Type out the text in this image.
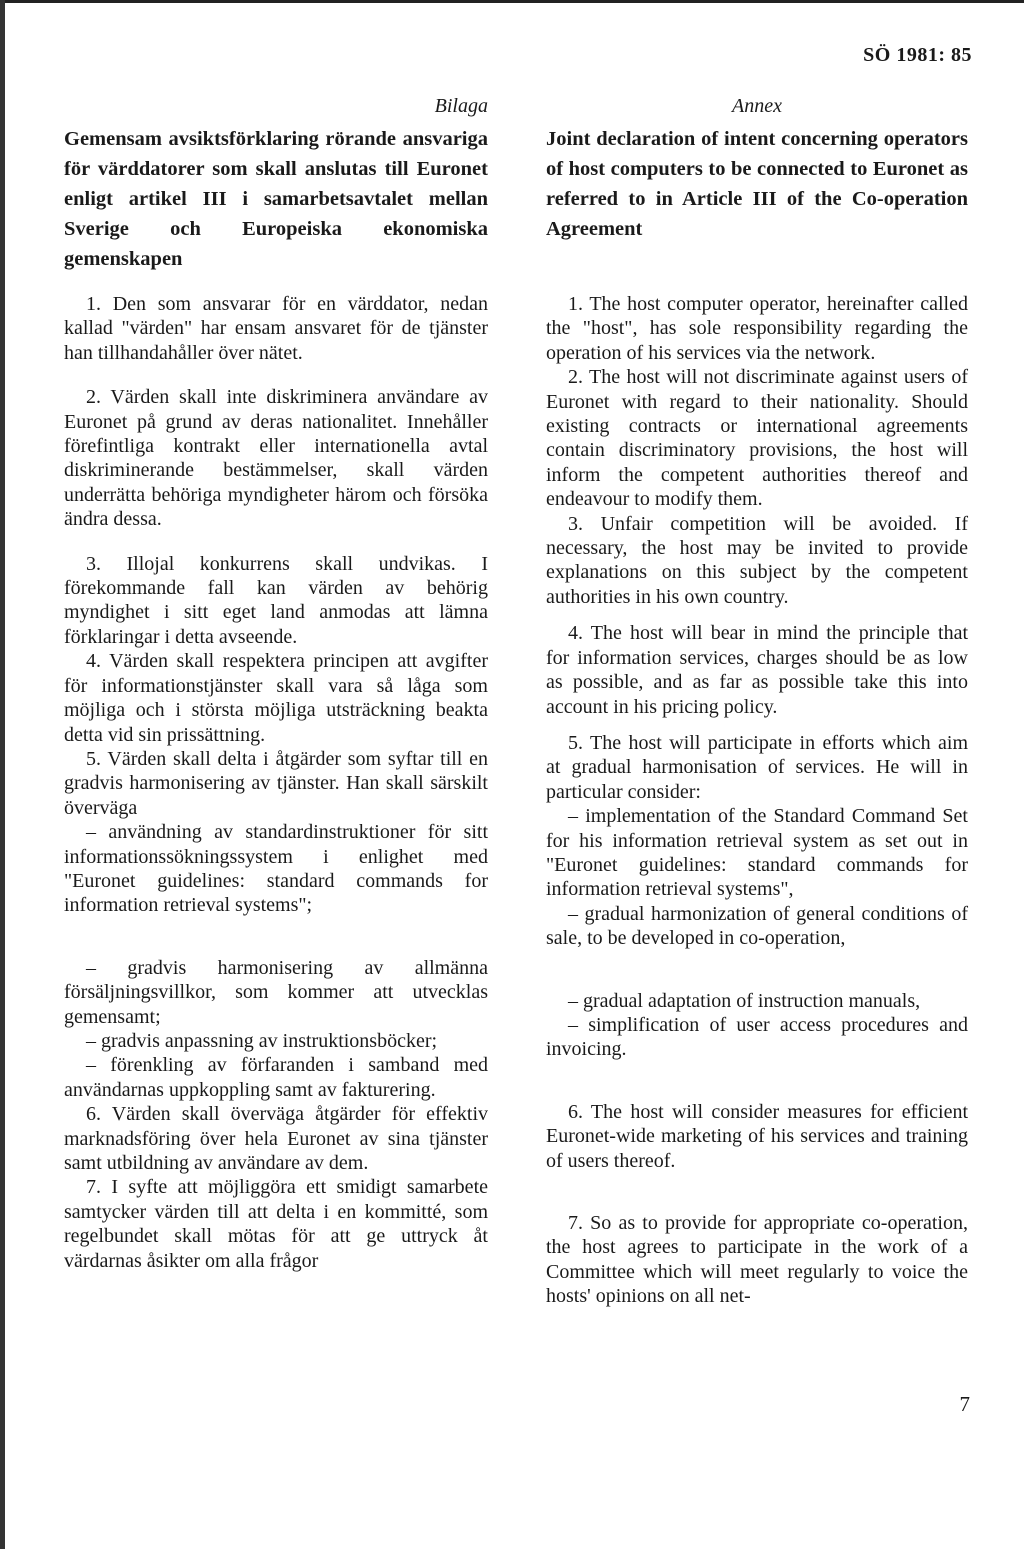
SÖ 1981: 85
Bilaga
Gemensam avsiktsförklaring rörande ansvariga för värddatorer som skall anslutas till Euronet enligt artikel III i samarbetsavtalet mellan Sverige och Europeiska ekonomiska gemenskapen

1. Den som ansvarar för en värddator, nedan kallad "värden" har ensam ansvaret för de tjänster han tillhandahåller över nätet.

2. Värden skall inte diskriminera användare av Euronet på grund av deras nationalitet. Innehåller förefintliga kontrakt eller internationella avtal diskriminerande bestämmelser, skall värden underrätta behöriga myndigheter härom och försöka ändra dessa.

3. Illojal konkurrens skall undvikas. I förekommande fall kan värden av behörig myndighet i sitt eget land anmodas att lämna förklaringar i detta avseende.

4. Värden skall respektera principen att avgifter för informationstjänster skall vara så låga som möjliga och i största möjliga utsträckning beakta detta vid sin prissättning.

5. Värden skall delta i åtgärder som syftar till en gradvis harmonisering av tjänster. Han skall särskilt överväga

– användning av standardinstruktioner för sitt informationssökningssystem i enlighet med "Euronet guidelines: standard commands for information retrieval systems";

– gradvis harmonisering av allmänna försäljningsvillkor, som kommer att utvecklas gemensamt;

– gradvis anpassning av instruktionsböcker;

– förenkling av förfaranden i samband med användarnas uppkoppling samt av fakturering.

6. Värden skall överväga åtgärder för effektiv marknadsföring över hela Euronet av sina tjänster samt utbildning av användare av dem.

7. I syfte att möjliggöra ett smidigt samarbete samtycker värden till att delta i en kommitté, som regelbundet skall mötas för att ge uttryck åt värdarnas åsikter om alla frågor

Annex
Joint declaration of intent concerning operators of host computers to be connected to Euronet as referred to in Article III of the Co-operation Agreement

1. The host computer operator, hereinafter called the "host", has sole responsibility regarding the operation of his services via the network.

2. The host will not discriminate against users of Euronet with regard to their nationality. Should existing contracts or international agreements contain discriminatory provisions, the host will inform the competent authorities thereof and endeavour to modify them.

3. Unfair competition will be avoided. If necessary, the host may be invited to provide explanations on this subject by the competent authorities in his own country.

4. The host will bear in mind the principle that for information services, charges should be as low as possible, and as far as possible take this into account in his pricing policy.

5. The host will participate in efforts which aim at gradual harmonisation of services. He will in particular consider:

– implementation of the Standard Command Set for his information retrieval system as set out in "Euronet guidelines: standard commands for information retrieval systems",

– gradual harmonization of general conditions of sale, to be developed in co-operation,

– gradual adaptation of instruction manuals,

– simplification of user access procedures and invoicing.

6. The host will consider measures for efficient Euronet-wide marketing of his services and training of users thereof.

7. So as to provide for appropriate co-operation, the host agrees to participate in the work of a Committee which will meet regularly to voice the hosts' opinions on all net-

7
